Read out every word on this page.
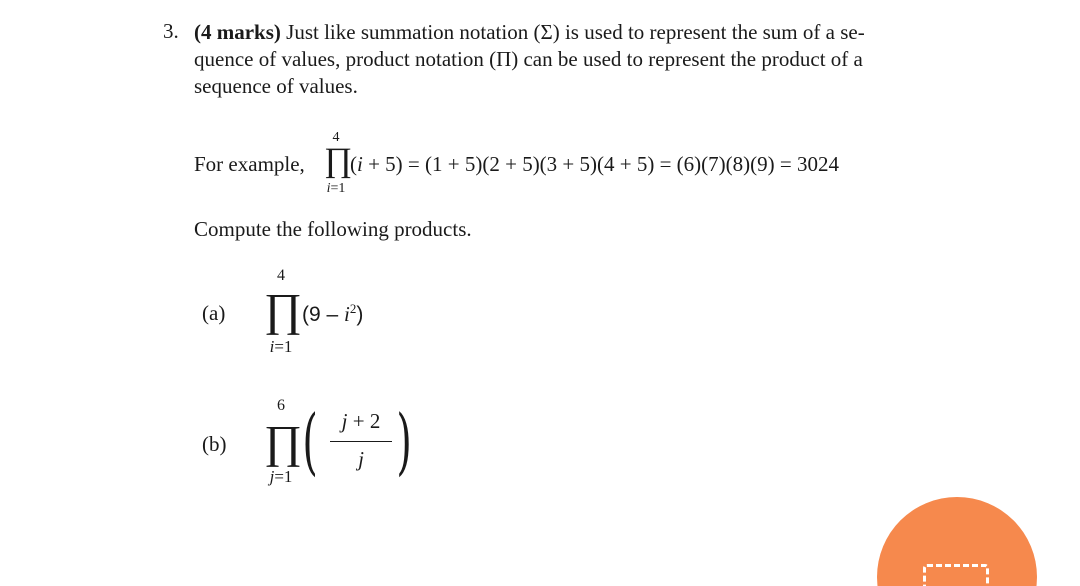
3. (4 marks) Just like summation notation (Σ) is used to represent the sum of a se-
quence of values, product notation (Π) can be used to represent the product of a
sequence of values.
For example,
4
∏
i=1
(i + 5) = (1 + 5)(2 + 5)(3 + 5)(4 + 5) = (6)(7)(8)(9) = 3024
Compute the following products.
(a)
4
∏
i=1
$(9 - i^2)$
(b)
6
∏
j=1 (	j + 2
j )
